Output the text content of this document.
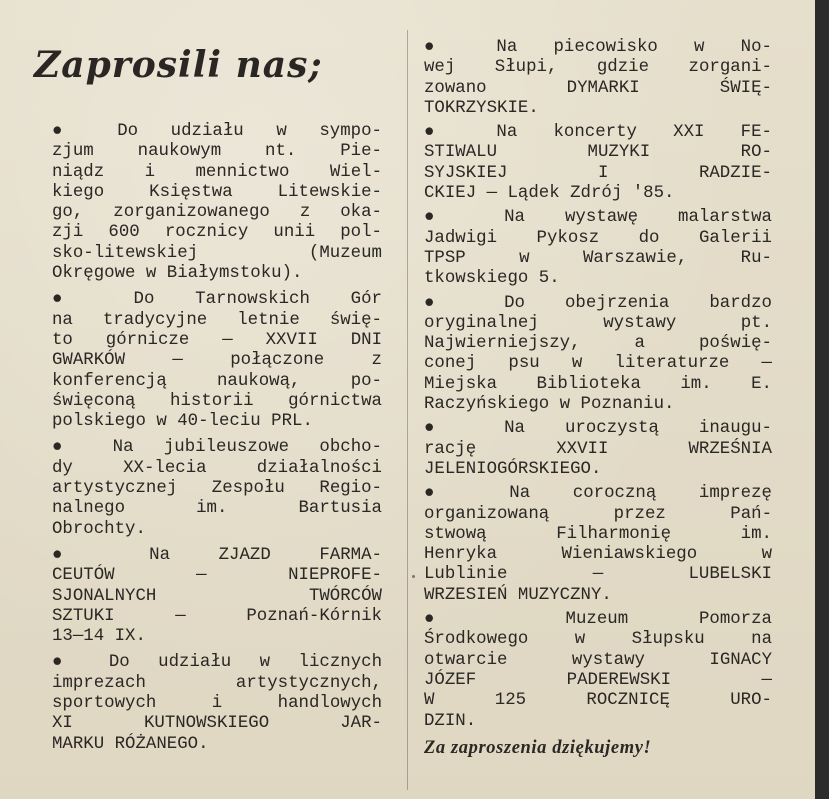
Zaprosili nas;
● Do udziału w sympo-
zjum naukowym nt. Pie-
niądz i mennictwo Wiel-
kiego Księstwa Litewskie-
go, zorganizowanego z oka-
zji 600 rocznicy unii pol-
sko-litewskiej (Muzeum
Okręgowe w Białymstoku).
● Do Tarnowskich Gór
na tradycyjne letnie świę-
to górnicze — XXVII DNI
GWARKÓW — połączone z
konferencją naukową, po-
święconą historii górnictwa
polskiego w 40-leciu PRL.
● Na jubileuszowe obcho-
dy XX-lecia działalności
artystycznej Zespołu Regio-
nalnego im. Bartusia
Obrochty.
● Na ZJAZD FARMA-
CEUTÓW — NIEPROFE-
SJONALNYCH TWÓRCÓW
SZTUKI — Poznań-Kórnik
13—14 IX.
● Do udziału w licznych
imprezach artystycznych,
sportowych i handlowych
XI KUTNOWSKIEGO JAR-
MARKU RÓŻANEGO.
● Na piecowisko w No-
wej Słupi, gdzie zorgani-
zowano DYMARKI ŚWIĘ-
TOKRZYSKIE.
● Na koncerty XXI FE-
STIWALU MUZYKI RO-
SYJSKIEJ I RADZIE-
CKIEJ — Lądek Zdrój '85.
● Na wystawę malarstwa
Jadwigi Pykosz do Galerii
TPSP w Warszawie, Ru-
tkowskiego 5.
● Do obejrzenia bardzo
oryginalnej wystawy pt.
Najwierniejszy, a poświę-
conej psu w literaturze —
Miejska Biblioteka im. E.
Raczyńskiego w Poznaniu.
● Na uroczystą inaugu-
rację XXVII WRZEŚNIA
JELENIOGÓRSKIEGO.
● Na coroczną imprezę
organizowaną przez Pań-
stwową Filharmonię im.
Henryka Wieniawskiego w
Lublinie — LUBELSKI
WRZESIEŃ MUZYCZNY.
● Muzeum Pomorza
Środkowego w Słupsku na
otwarcie wystawy IGNACY
JÓZEF PADEREWSKI —
W 125 ROCZNICĘ URO-
DZIN.
Za zaproszenia dziękujemy!
